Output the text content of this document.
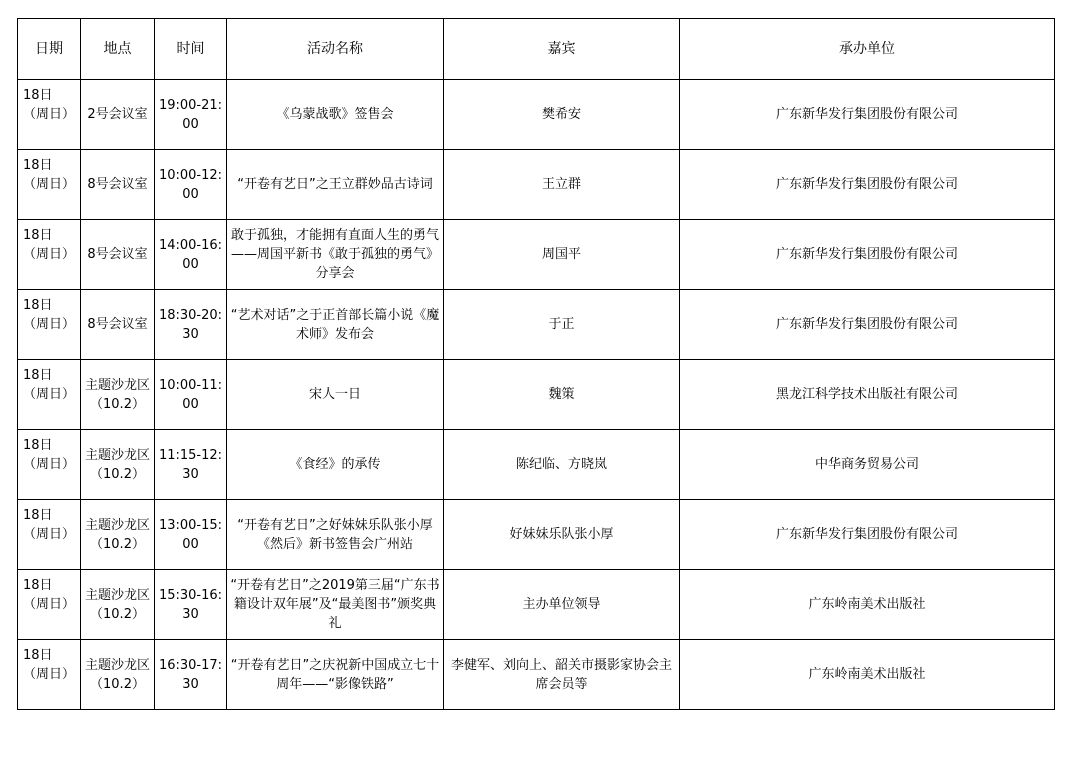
日期	地点	时间	活动名称	嘉宾	承办单位
18日（周日）	2号会议室	19:00-21:00	《乌蒙战歌》签售会	樊希安	广东新华发行集团股份有限公司
18日（周日）	8号会议室	10:00-12:00	“开卷有艺日”之王立群妙品古诗词	王立群	广东新华发行集团股份有限公司
18日（周日）	8号会议室	14:00-16:00	敢于孤独，才能拥有直面人生的勇气——周国平新书《敢于孤独的勇气》分享会	周国平	广东新华发行集团股份有限公司
18日（周日）	8号会议室	18:30-20:30	“艺术对话”之于正首部长篇小说《魔术师》发布会	于正	广东新华发行集团股份有限公司
18日（周日）	主题沙龙区（10.2）	10:00-11:00	宋人一日	魏策	黑龙江科学技术出版社有限公司
18日（周日）	主题沙龙区（10.2）	11:15-12:30	《食经》的承传	陈纪临、方晓岚	中华商务贸易公司
18日（周日）	主题沙龙区（10.2）	13:00-15:00	“开卷有艺日”之好妹妹乐队张小厚《然后》新书签售会广州站	好妹妹乐队张小厚	广东新华发行集团股份有限公司
18日（周日）	主题沙龙区（10.2）	15:30-16:30	“开卷有艺日”之2019第三届“广东书籍设计双年展”及“最美图书”颁奖典礼	主办单位领导	广东岭南美术出版社
18日（周日）	主题沙龙区（10.2）	16:30-17:30	“开卷有艺日”之庆祝新中国成立七十周年——“影像铁路”	李健军、刘向上、韶关市摄影家协会主席会员等	广东岭南美术出版社
